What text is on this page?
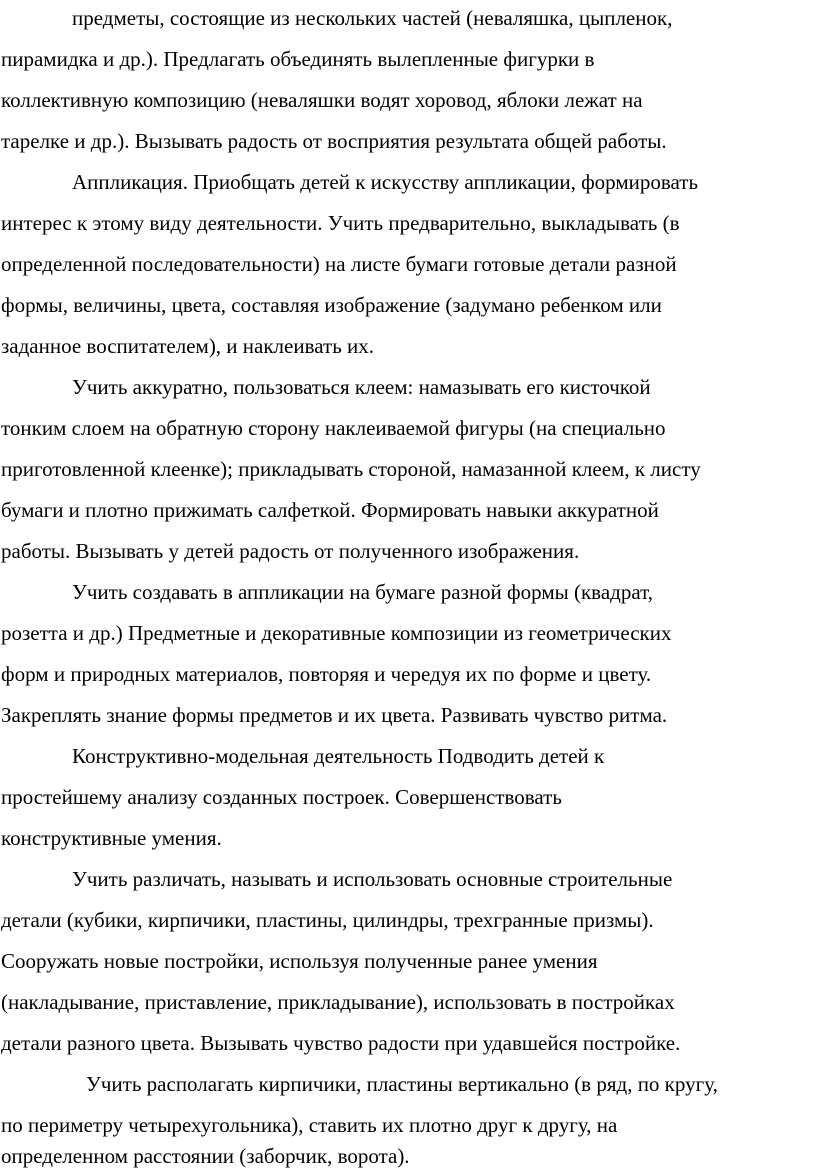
предметы, состоящие из нескольких частей (неваляшка, цыпленок,
пирамидка и др.). Предлагать объединять вылепленные фигурки в
коллективную композицию (неваляшки водят хоровод, яблоки лежат на
тарелке и др.). Вызывать радость от восприятия результата общей работы.
Аппликация. Приобщать детей к искусству аппликации, формировать
интерес к этому виду деятельности. Учить предварительно, выкладывать (в
определенной последовательности) на листе бумаги готовые детали разной
формы, величины, цвета, составляя изображение (задумано ребенком или
заданное воспитателем), и наклеивать их.
Учить аккуратно, пользоваться клеем: намазывать его кисточкой
тонким слоем на обратную сторону наклеиваемой фигуры (на специально
приготовленной клеенке); прикладывать стороной, намазанной клеем, к листу
бумаги и плотно прижимать салфеткой. Формировать навыки аккуратной
работы. Вызывать у детей радость от полученного изображения.
Учить создавать в аппликации на бумаге разной формы (квадрат,
розетта и др.) Предметные и декоративные композиции из геометрических
форм и природных материалов, повторяя и чередуя их по форме и цвету.
Закреплять знание формы предметов и их цвета. Развивать чувство ритма.
Конструктивно-модельная деятельность Подводить детей к
простейшему анализу созданных построек. Совершенствовать
конструктивные умения.
Учить различать, называть и использовать основные строительные
детали (кубики, кирпичики, пластины, цилиндры, трехгранные призмы).
Сооружать новые постройки, используя полученные ранее умения
(накладывание, приставление, прикладывание), использовать в постройках
детали разного цвета. Вызывать чувство радости при удавшейся постройке.
Учить располагать кирпичики, пластины вертикально (в ряд, по кругу,
по периметру четырехугольника), ставить их плотно друг к другу, на
определенном расстоянии (заборчик, ворота).
